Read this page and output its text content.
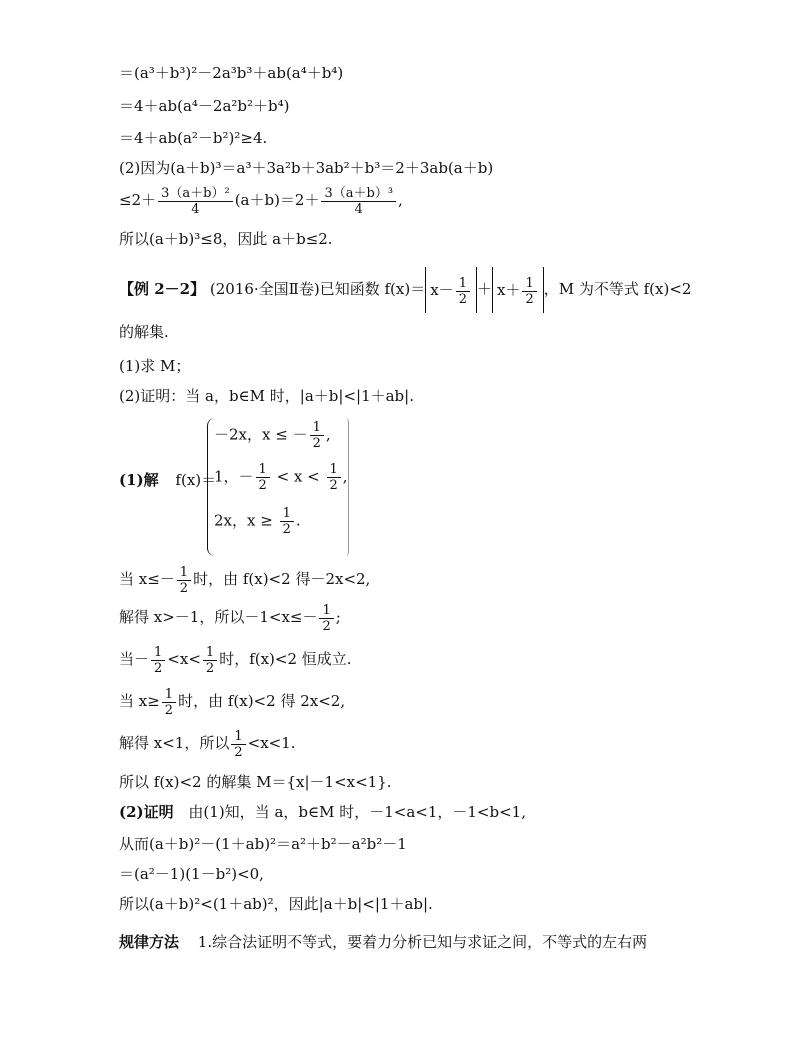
＝(a³＋b³)²－2a³b³＋ab(a⁴＋b⁴)
＝4＋ab(a⁴－2a²b²＋b⁴)
＝4＋ab(a²－b²)²≥4.
(2)因为(a＋b)³＝a³＋3a²b＋3ab²＋b³＝2＋3ab(a＋b)
$\le 2+ \frac{\text{3（a＋b）²}}{4} (a+b)=2+ \frac{\text{3（a＋b）³}}{4}$ ,
所以(a＋b)³≤8，因此 a＋b≤2.
【例 2－2】 (2016·全国Ⅱ卷)已知函数 $f(x)= x- \frac{1}{2} + x+ \frac{1}{2}$ ，M 为不等式 f(x)<2
的解集.
(1)求 M；
(2)证明：当 a，b∈M 时，|a＋b|<|1＋ab|.
(1)解 f(x)＝
－2x，x ≤ － $\frac{1}{2}$ ,
1，－ $\frac{1}{2} < x < \frac{1}{2}$ ,
2x，$x \ge \frac{1}{2}$ .
当 $x\le- \frac{1}{2}$ 时，由 f(x)<2 得－2x<2,
解得 x>－1，所以$-1<x\le- \frac{1}{2}$ ;
当－ $\frac{1}{2} <x< \frac{1}{2}$ 时，f(x)<2 恒成立.
当 $x\ge \frac{1}{2}$ 时，由 f(x)<2 得 2x<2,
解得 x<1，所以 $\frac{1}{2} <x<1$.
所以 f(x)<2 的解集 M＝{x|－1<x<1}.
(2)证明 由(1)知，当 a，b∈M 时，－1<a<1，－1<b<1,
从而(a＋b)²－(1＋ab)²＝a²＋b²－a²b²－1
＝(a²－1)(1－b²)<0,
所以(a＋b)²<(1＋ab)²，因此|a＋b|<|1＋ab|.
规律方法 1.综合法证明不等式，要着力分析已知与求证之间，不等式的左右两
